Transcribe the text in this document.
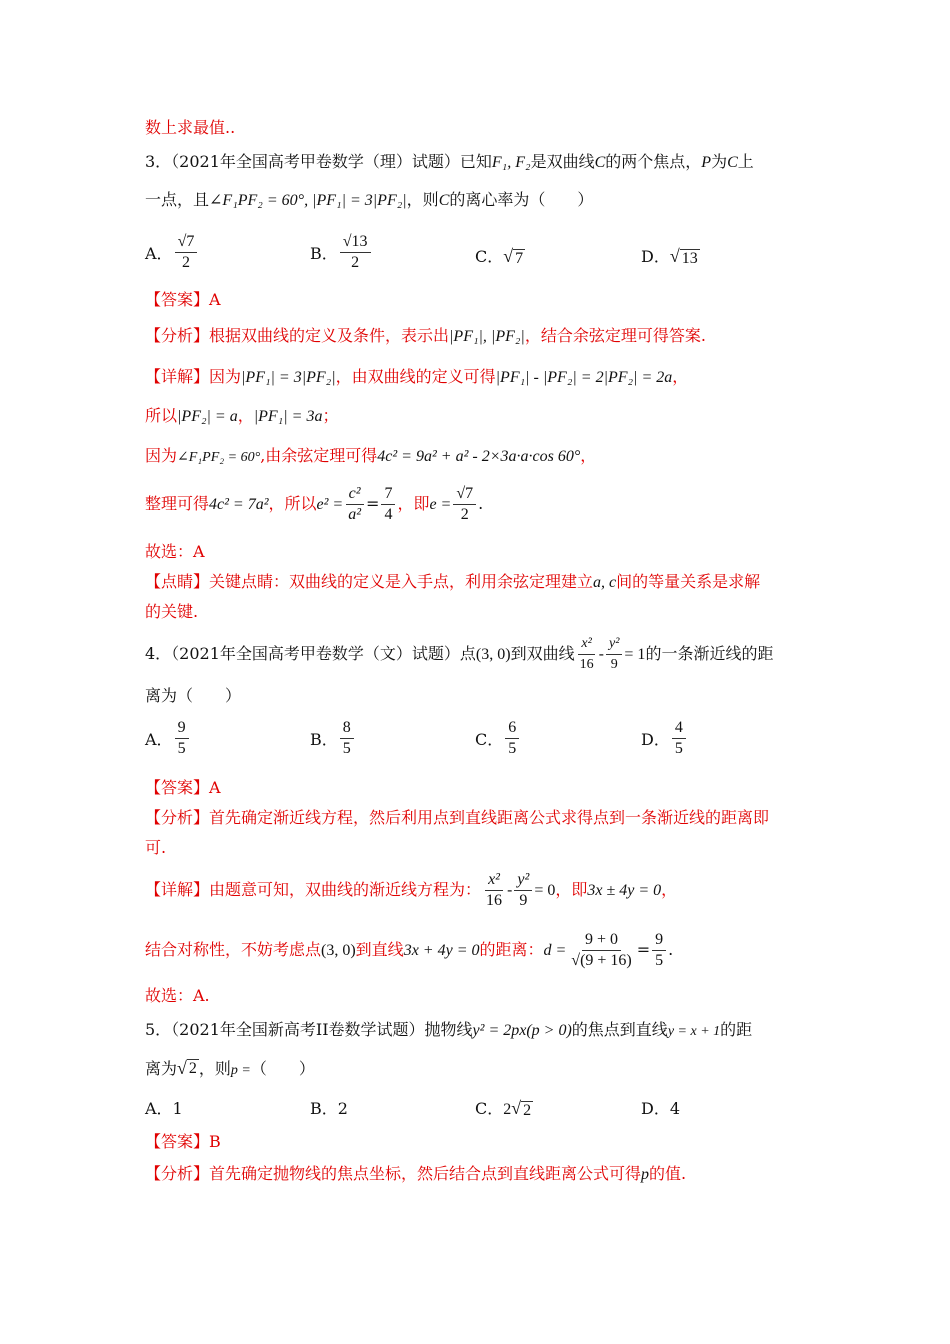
数上求最值..
3．（2021年全国高考甲卷数学（理）试题）已知F₁, F₂是双曲线C的两个焦点，P为C上
一点，且∠F₁PF₂ = 60°, |PF₁| = 3|PF₂|，则C的离心率为（　　）
A． $\frac{√7}{2}$	B． $\frac{√13}{2}$	C． √ 7	D． √ 13
【答案】A
【分析】根据双曲线的定义及条件，表示出|PF₁|, |PF₂|，结合余弦定理可得答案.
【详解】因为|PF₁| = 3|PF₂|，由双曲线的定义可得|PF₁| - |PF₂| = 2|PF₂| = 2a，
所以|PF₂| = a，|PF₁| = 3a；
因为∠F₁PF₂ = 60°,由余弦定理可得4c² = 9a² + a² - 2×3a·a·cos 60°，
整理可得4c² = 7a²，所以$e^2 = \frac{\text{c²}}{\text{a²}} = \frac{7}{4}$ ，即$e = \frac{√7}{2}$ .
故选：A
【点睛】关键点睛：双曲线的定义是入手点，利用余弦定理建立a, c间的等量关系是求解
的关键.
4．（2021年全国高考甲卷数学（文）试题）点(3, 0)到双曲线 $\frac{\text{x²}}{16} - \frac{\text{y²}}{9} = 1$的一条渐近线的距
离为（　　）
A． $\frac{9}{5}$	B． $\frac{8}{5}$	C． $\frac{6}{5}$	D． $\frac{4}{5}$
【答案】A
【分析】首先确定渐近线方程，然后利用点到直线距离公式求得点到一条渐近线的距离即
可.
【详解】由题意可知，双曲线的渐近线方程为： $\frac{\text{x²}}{16} - \frac{\text{y²}}{9} = 0$，即3x ± 4y = 0，
结合对称性，不妨考虑点(3, 0)到直线3x + 4y = 0的距离：$d = \frac{9 + 0}{√(9 + 16)} = \frac{9}{5}$ .
故选：A.
5．（2021年全国新高考II卷数学试题）抛物线y² = 2px(p > 0)的焦点到直线y = x + 1的距
离为 √ 2 ，则p =（　　）
A．1	B．2	C．2 √ 2	D．4
【答案】B
【分析】首先确定抛物线的焦点坐标，然后结合点到直线距离公式可得p的值.
